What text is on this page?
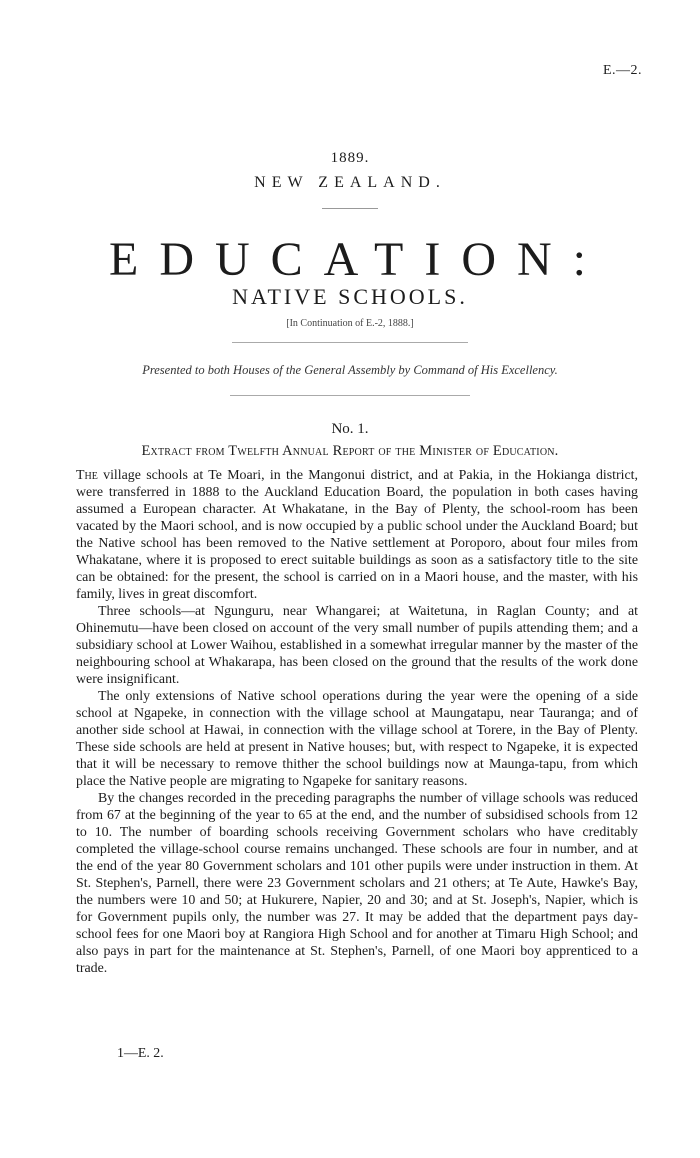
E.—2.
1889.
NEW ZEALAND.
EDUCATION:
NATIVE SCHOOLS.
[In Continuation of E.-2, 1888.]
Presented to both Houses of the General Assembly by Command of His Excellency.
No. 1.
Extract from Twelfth Annual Report of the Minister of Education.

The village schools at Te Moari, in the Mangonui district, and at Pakia, in the Hokianga district, were transferred in 1888 to the Auckland Education Board, the population in both cases having assumed a European character. At Whakatane, in the Bay of Plenty, the school-room has been vacated by the Maori school, and is now occupied by a public school under the Auckland Board; but the Native school has been removed to the Native settlement at Poroporo, about four miles from Whakatane, where it is proposed to erect suitable buildings as soon as a satisfactory title to the site can be obtained: for the present, the school is carried on in a Maori house, and the master, with his family, lives in great discomfort.

Three schools—at Ngunguru, near Whangarei; at Waitetuna, in Raglan County; and at Ohinemutu—have been closed on account of the very small number of pupils attending them; and a subsidiary school at Lower Waihou, established in a somewhat irregular manner by the master of the neighbouring school at Whakarapa, has been closed on the ground that the results of the work done were insignificant.

The only extensions of Native school operations during the year were the opening of a side school at Ngapeke, in connection with the village school at Maungatapu, near Tauranga; and of another side school at Hawai, in connection with the village school at Torere, in the Bay of Plenty. These side schools are held at present in Native houses; but, with respect to Ngapeke, it is expected that it will be necessary to remove thither the school buildings now at Maunga-tapu, from which place the Native people are migrating to Ngapeke for sanitary reasons.

By the changes recorded in the preceding paragraphs the number of village schools was reduced from 67 at the beginning of the year to 65 at the end, and the number of subsidised schools from 12 to 10. The number of boarding schools receiving Government scholars who have creditably completed the village-school course remains unchanged. These schools are four in number, and at the end of the year 80 Government scholars and 101 other pupils were under instruction in them. At St. Stephen's, Parnell, there were 23 Government scholars and 21 others; at Te Aute, Hawke's Bay, the numbers were 10 and 50; at Hukurere, Napier, 20 and 30; and at St. Joseph's, Napier, which is for Government pupils only, the number was 27. It may be added that the department pays day-school fees for one Maori boy at Rangiora High School and for another at Timaru High School; and also pays in part for the maintenance at St. Stephen's, Parnell, of one Maori boy apprenticed to a trade.

1—E. 2.
